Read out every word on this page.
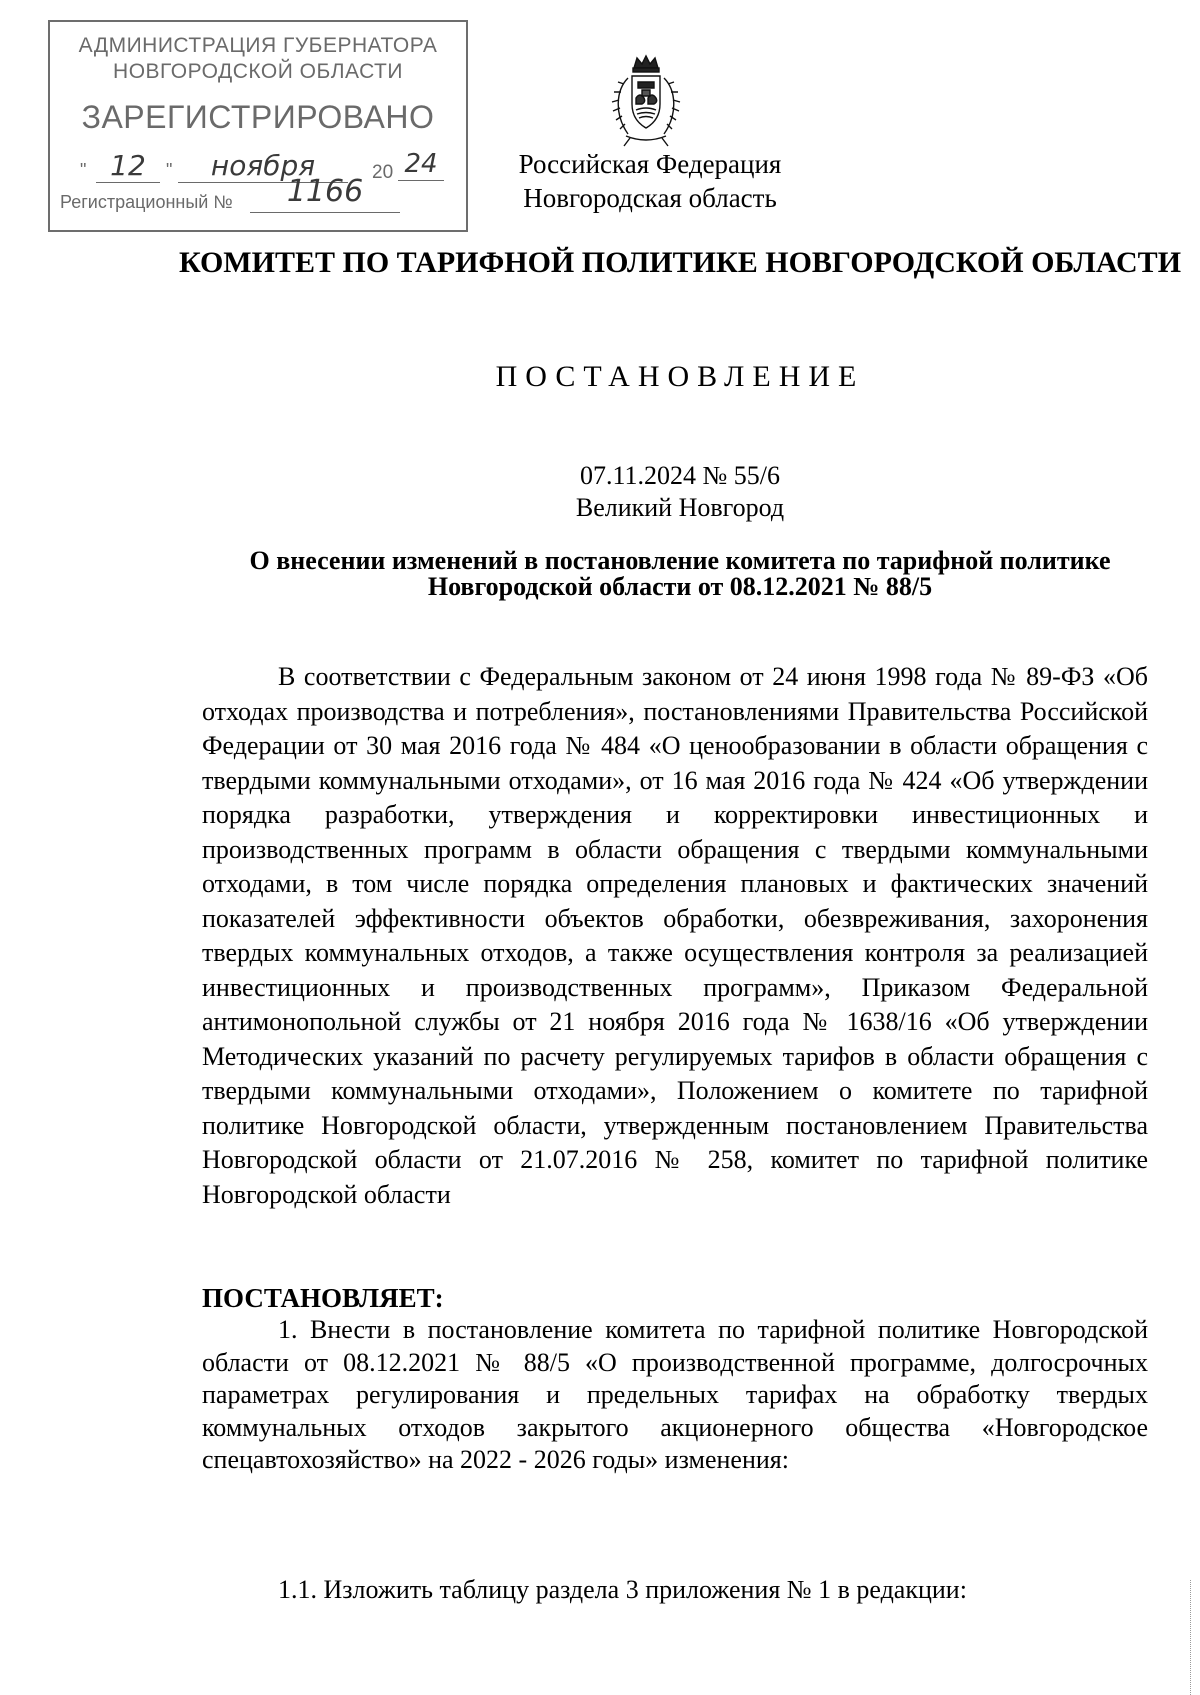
АДМИНИСТРАЦИЯ ГУБЕРНАТОРА
НОВГОРОДСКОЙ ОБЛАСТИ
ЗАРЕГИСТРИРОВАНО
" 12	"	ноября	20 24
Регистрационный №	1166
Российская Федерация
Новгородская область
КОМИТЕТ ПО ТАРИФНОЙ ПОЛИТИКЕ НОВГОРОДСКОЙ ОБЛАСТИ
ПОСТАНОВЛЕНИЕ
07.11.2024 № 55/6
Великий Новгород
О внесении изменений в постановление комитета по тарифной политике Новгородской области от 08.12.2021 № 88/5
В соответствии с Федеральным законом от 24 июня 1998 года № 89-ФЗ «Об отходах производства и потребления», постановлениями Правительства Российской Федерации от 30 мая 2016 года № 484 «О ценообразовании в области обращения с твердыми коммунальными отходами», от 16 мая 2016 года № 424 «Об утверждении порядка разработки, утверждения и корректировки инвестиционных и производственных программ в области обращения с твердыми коммунальными отходами, в том числе порядка определения плановых и фактических значений показателей эффективности объектов обработки, обезвреживания, захоронения твердых коммунальных отходов, а также осуществления контроля за реализацией инвестиционных и производственных программ», Приказом Федеральной антимонопольной службы от 21 ноября 2016 года № 1638/16 «Об утверждении Методических указаний по расчету регулируемых тарифов в области обращения с твердыми коммунальными отходами», Положением о комитете по тарифной политике Новгородской области, утвержденным постановлением Правительства Новгородской области от 21.07.2016 № 258, комитет по тарифной политике Новгородской области
ПОСТАНОВЛЯЕТ:
1. Внести в постановление комитета по тарифной политике Новгородской области от 08.12.2021 № 88/5 «О производственной программе, долгосрочных параметрах регулирования и предельных тарифах на обработку твердых коммунальных отходов закрытого акционерного общества «Новгородское спецавтохозяйство» на 2022 - 2026 годы» изменения:
1.1. Изложить таблицу раздела 3 приложения № 1 в редакции:
